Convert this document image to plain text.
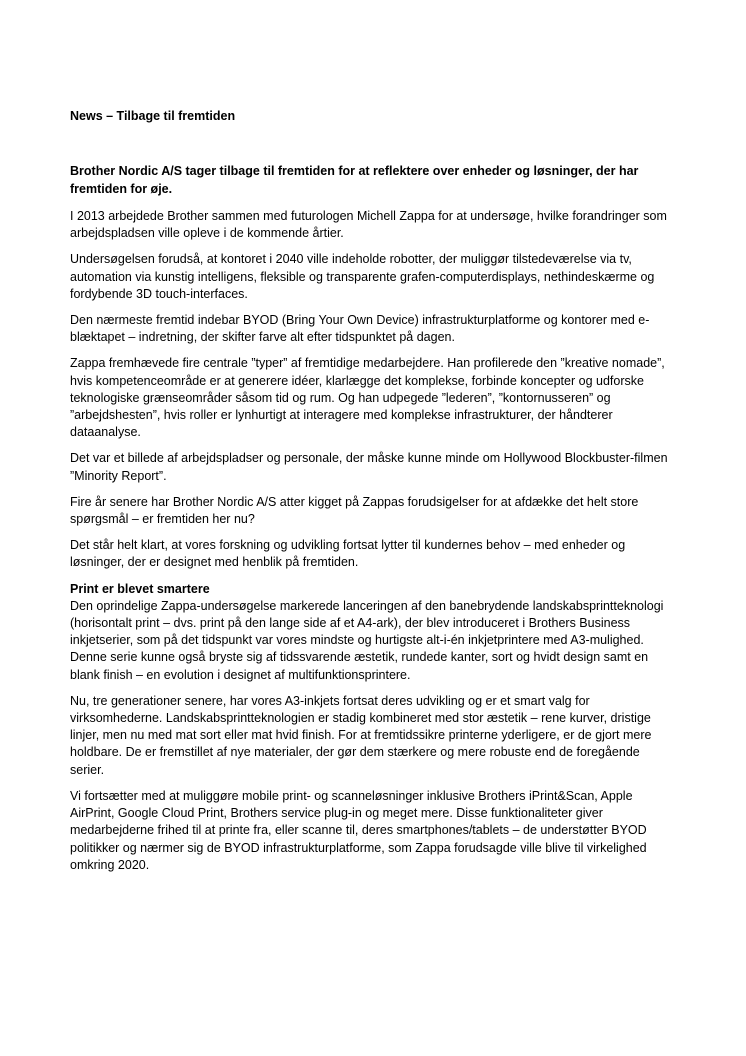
News – Tilbage til fremtiden

Brother Nordic A/S tager tilbage til fremtiden for at reflektere over enheder og løsninger, der har fremtiden for øje.

I 2013 arbejdede Brother sammen med futurologen Michell Zappa for at undersøge, hvilke forandringer som arbejdspladsen ville opleve i de kommende årtier.

Undersøgelsen forudså, at kontoret i 2040 ville indeholde robotter, der muliggør tilstedeværelse via tv, automation via kunstig intelligens, fleksible og transparente grafen-computerdisplays, nethindeskærme og fordybende 3D touch-interfaces.

Den nærmeste fremtid indebar BYOD (Bring Your Own Device) infrastrukturplatforme og kontorer med e-blæktapet – indretning, der skifter farve alt efter tidspunktet på dagen.

Zappa fremhævede fire centrale ”typer” af fremtidige medarbejdere. Han profilerede den ”kreative nomade”, hvis kompetenceområde er at generere idéer, klarlægge det komplekse, forbinde koncepter og udforske teknologiske grænseområder såsom tid og rum. Og han udpegede ”lederen”, ”kontornusseren” og ”arbejdshesten”, hvis roller er lynhurtigt at interagere med komplekse infrastrukturer, der håndterer dataanalyse.

Det var et billede af arbejdspladser og personale, der måske kunne minde om Hollywood Blockbuster-filmen ”Minority Report”.

Fire år senere har Brother Nordic A/S atter kigget på Zappas forudsigelser for at afdække det helt store spørgsmål – er fremtiden her nu?

Det står helt klart, at vores forskning og udvikling fortsat lytter til kundernes behov – med enheder og løsninger, der er designet med henblik på fremtiden.

Print er blevet smartere

Den oprindelige Zappa-undersøgelse markerede lanceringen af den banebrydende landskabsprintteknologi (horisontalt print – dvs. print på den lange side af et A4-ark), der blev introduceret i Brothers Business inkjetserier, som på det tidspunkt var vores mindste og hurtigste alt-i-én inkjetprintere med A3-mulighed. Denne serie kunne også bryste sig af tidssvarende æstetik, rundede kanter, sort og hvidt design samt en blank finish – en evolution i designet af multifunktionsprintere.

Nu, tre generationer senere, har vores A3-inkjets fortsat deres udvikling og er et smart valg for virksomhederne. Landskabsprintteknologien er stadig kombineret med stor æstetik – rene kurver, dristige linjer, men nu med mat sort eller mat hvid finish. For at fremtidssikre printerne yderligere, er de gjort mere holdbare. De er fremstillet af nye materialer, der gør dem stærkere og mere robuste end de foregående serier.

Vi fortsætter med at muliggøre mobile print- og scanneløsninger inklusive Brothers iPrint&Scan, Apple AirPrint, Google Cloud Print, Brothers service plug-in og meget mere. Disse funktionaliteter giver medarbejderne frihed til at printe fra, eller scanne til, deres smartphones/tablets – de understøtter BYOD politikker og nærmer sig de BYOD infrastrukturplatforme, som Zappa forudsagde ville blive til virkelighed omkring 2020.
